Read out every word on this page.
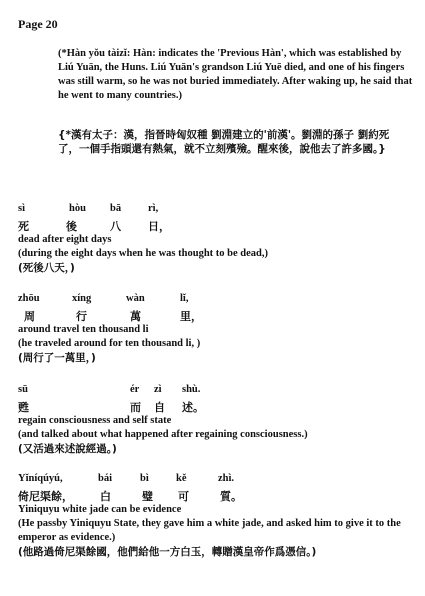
Page 20

(*Hàn yǒu tàizǐ: Hàn: indicates the 'Previous Hàn', which was established by Liú Yuān, the Huns. Liú Yuān's grandson Liú Yuē died, and one of his fingers was still warm, so he was not buried immediately. After waking up, he said that he went to many countries.)

{*漢有太子：漢，指晉時匈奴種 劉淵建立的'前漢'。劉淵的孫子 劉約死了，一個手指頭還有熱氣，就不立刻殯殮。醒來後，說他去了許多國。}

sì	hòu bā	rì,
死	後	八 日，
dead after eight days
(during the eight days when he was thought to be dead,)
(死後八天，)
zhōu	xíng	wàn	lǐ,
周	行	萬	里，
around travel ten thousand li
(he traveled around for ten thousand li, )
(周行了一萬里，)
sū	ér zì shù.
甦	而 自 述。
regain consciousness and self state
(and talked about what happened after regaining consciousness.)
(又活過來述說經過。)
Yǐníqúyú,	bái	bì	kě	zhì.
倚尼渠餘， 白	璧 可	質。
Yiniquyu white jade can be evidence
(He passby Yiniquyu State, they gave him a white jade, and asked him to give it to the emperor as evidence.)
(他路過倚尼渠餘國，他們給他一方白玉，轉贈漢皇帝作爲憑信。)
